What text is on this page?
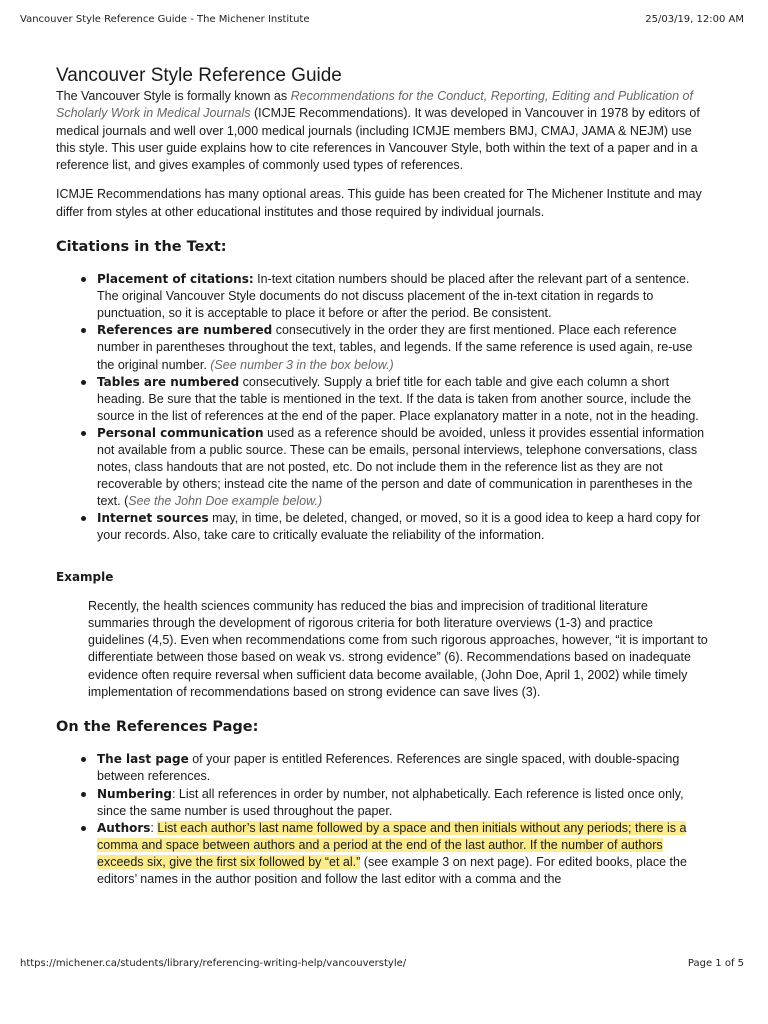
Vancouver Style Reference Guide - The Michener Institute	25/03/19, 12:00 AM
Vancouver Style Reference Guide

The Vancouver Style is formally known as Recommendations for the Conduct, Reporting, Editing and Publication of Scholarly Work in Medical Journals (ICMJE Recommendations). It was developed in Vancouver in 1978 by editors of medical journals and well over 1,000 medical journals (including ICMJE members BMJ, CMAJ, JAMA & NEJM) use this style. This user guide explains how to cite references in Vancouver Style, both within the text of a paper and in a reference list, and gives examples of commonly used types of references.

ICMJE Recommendations has many optional areas. This guide has been created for The Michener Institute and may differ from styles at other educational institutes and those required by individual journals.

Citations in the Text:
Placement of citations: In-text citation numbers should be placed after the relevant part of a sentence. The original Vancouver Style documents do not discuss placement of the in-text citation in regards to punctuation, so it is acceptable to place it before or after the period. Be consistent.
References are numbered consecutively in the order they are first mentioned. Place each reference number in parentheses throughout the text, tables, and legends. If the same reference is used again, re-use the original number. (See number 3 in the box below.)
Tables are numbered consecutively. Supply a brief title for each table and give each column a short heading. Be sure that the table is mentioned in the text. If the data is taken from another source, include the source in the list of references at the end of the paper. Place explanatory matter in a note, not in the heading.
Personal communication used as a reference should be avoided, unless it provides essential information not available from a public source. These can be emails, personal interviews, telephone conversations, class notes, class handouts that are not posted, etc. Do not include them in the reference list as they are not recoverable by others; instead cite the name of the person and date of communication in parentheses in the text. (See the John Doe example below.)
Internet sources may, in time, be deleted, changed, or moved, so it is a good idea to keep a hard copy for your records. Also, take care to critically evaluate the reliability of the information.
Example

Recently, the health sciences community has reduced the bias and imprecision of traditional literature summaries through the development of rigorous criteria for both literature overviews (1-3) and practice guidelines (4,5). Even when recommendations come from such rigorous approaches, however, “it is important to differentiate between those based on weak vs. strong evidence” (6). Recommendations based on inadequate evidence often require reversal when sufficient data become available, (John Doe, April 1, 2002) while timely implementation of recommendations based on strong evidence can save lives (3).

On the References Page:
The last page of your paper is entitled References. References are single spaced, with double-spacing between references.
Numbering: List all references in order by number, not alphabetically. Each reference is listed once only, since the same number is used throughout the paper.
Authors: List each author’s last name followed by a space and then initials without any periods; there is a comma and space between authors and a period at the end of the last author. If the number of authors exceeds six, give the first six followed by “et al.” (see example 3 on next page). For edited books, place the editors’ names in the author position and follow the last editor with a comma and the
https://michener.ca/students/library/referencing-writing-help/vancouverstyle/	Page 1 of 5
